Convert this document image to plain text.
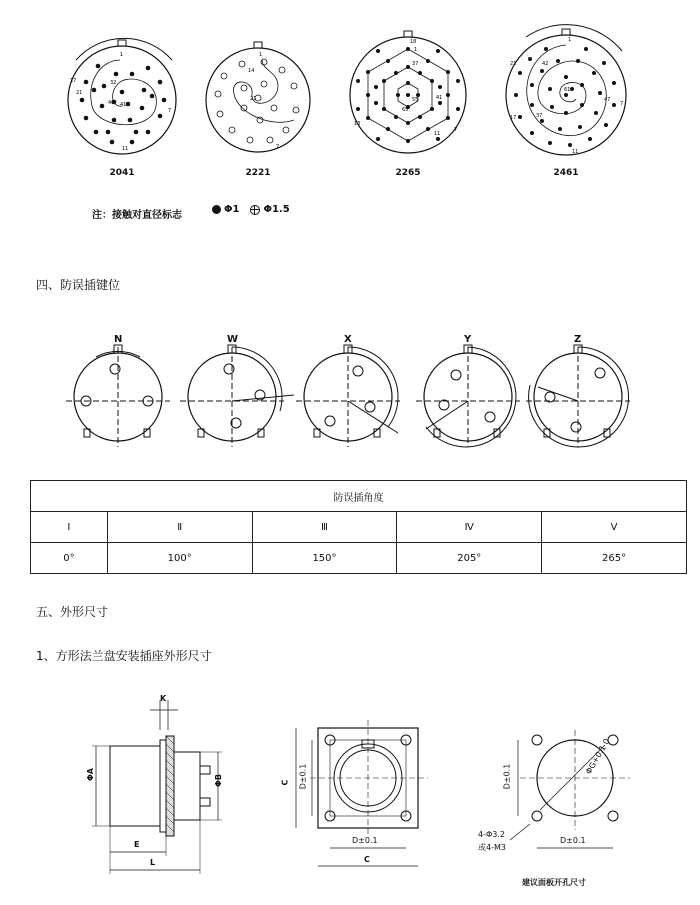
17
21
32
40 41
7
11
1	1
14
21
7
18
1
37
55
65
41
11
7
13
1
21	42
61
37
17
7
11
47
2041	2221	2265	2461
注：接触对直径标志
Φ1 Φ1.5
四、防误插键位
N	W	X	Y	Z
防误插角度				
Ⅰ	Ⅱ	Ⅲ	Ⅳ	Ⅴ
0°	100°	150°	205°	265°
五、外形尺寸
1、方形法兰盘安装插座外形尺寸
K
ΦA	ΦB
E
L
C D±0.1
D±0.1
C
D±0.1
ΦG+0.1 0
4-Φ3.2
或4-M3
D±0.1
建议面板开孔尺寸
